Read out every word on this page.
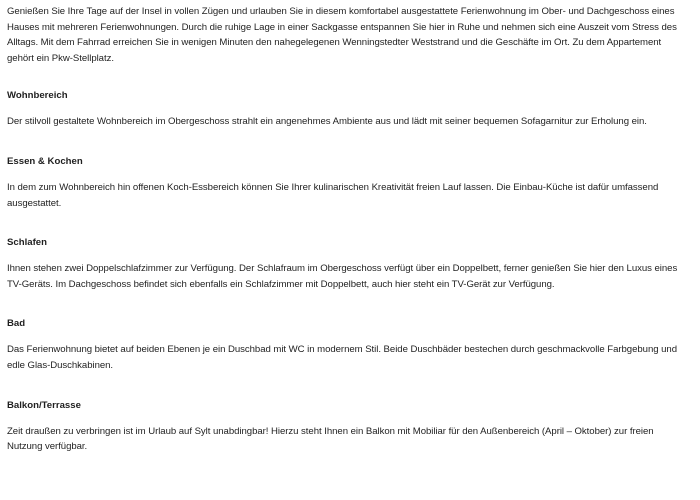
Genießen Sie Ihre Tage auf der Insel in vollen Zügen und urlauben Sie in diesem komfortabel ausgestattete Ferienwohnung im Ober- und Dachgeschoss eines Hauses mit mehreren Ferienwohnungen. Durch die ruhige Lage in einer Sackgasse entspannen Sie hier in Ruhe und nehmen sich eine Auszeit vom Stress des Alltags. Mit dem Fahrrad erreichen Sie in wenigen Minuten den nahegelegenen Wenningstedter Weststrand und die Geschäfte im Ort. Zu dem Appartement gehört ein Pkw-Stellplatz.

Wohnbereich

Der stilvoll gestaltete Wohnbereich im Obergeschoss strahlt ein angenehmes Ambiente aus und lädt mit seiner bequemen Sofagarnitur zur Erholung ein.

Essen & Kochen

In dem zum Wohnbereich hin offenen Koch-Essbereich können Sie Ihrer kulinarischen Kreativität freien Lauf lassen. Die Einbau-Küche ist dafür umfassend ausgestattet.

Schlafen

Ihnen stehen zwei Doppelschlafzimmer zur Verfügung. Der Schlafraum im Obergeschoss verfügt über ein Doppelbett, ferner genießen Sie hier den Luxus eines TV-Geräts. Im Dachgeschoss befindet sich ebenfalls ein Schlafzimmer mit Doppelbett, auch hier steht ein TV-Gerät zur Verfügung.

Bad

Das Ferienwohnung bietet auf beiden Ebenen je ein Duschbad mit WC in modernem Stil. Beide Duschbäder bestechen durch geschmackvolle Farbgebung und edle Glas-Duschkabinen.

Balkon/Terrasse

Zeit draußen zu verbringen ist im Urlaub auf Sylt unabdingbar! Hierzu steht Ihnen ein Balkon mit Mobiliar für den Außenbereich (April – Oktober) zur freien Nutzung verfügbar.
